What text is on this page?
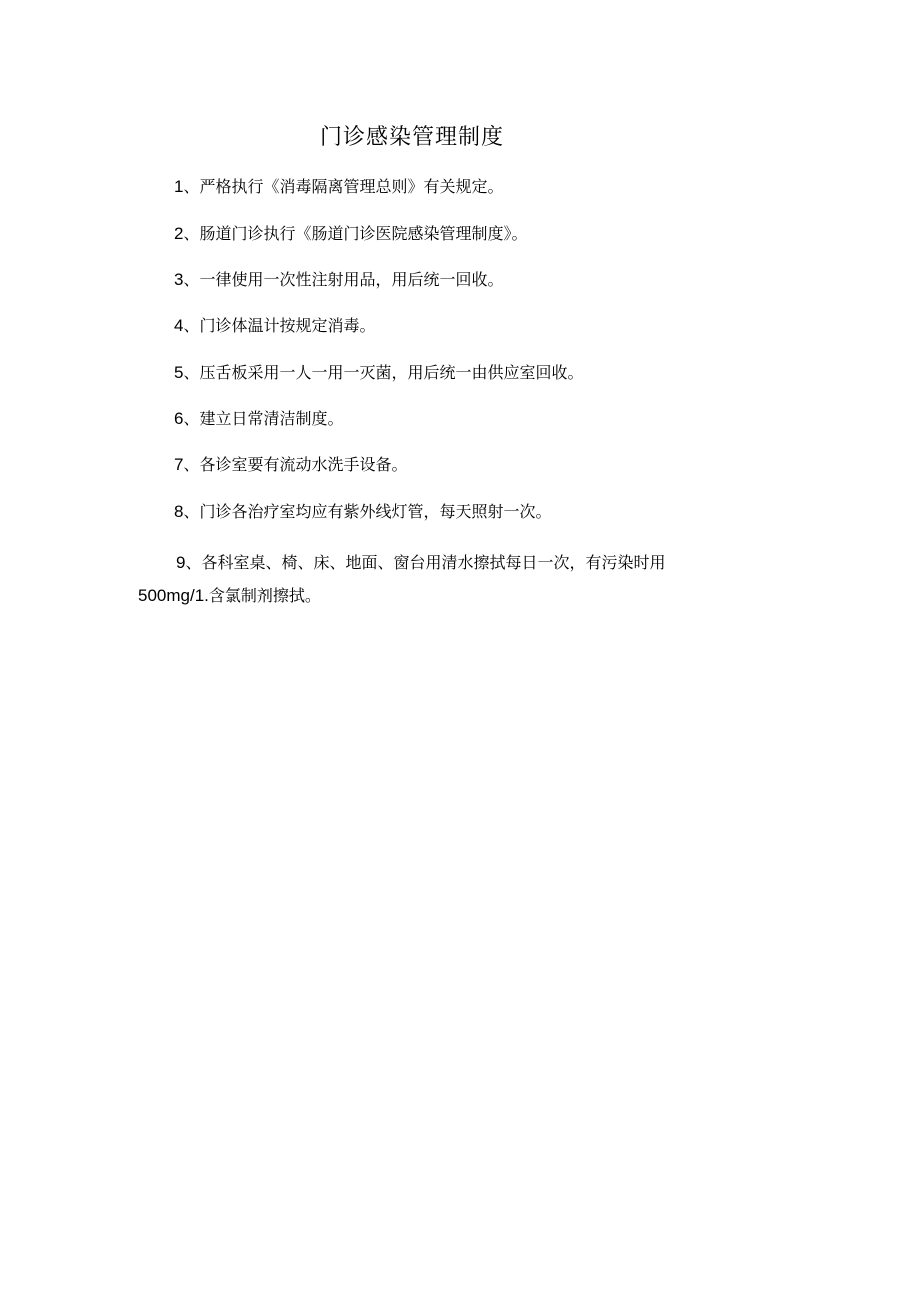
门诊感染管理制度
1、严格执行《消毒隔离管理总则》有关规定。
2、肠道门诊执行《肠道门诊医院感染管理制度》。
3、一律使用一次性注射用品，用后统一回收。
4、门诊体温计按规定消毒。
5、压舌板采用一人一用一灭菌，用后统一由供应室回收。
6、建立日常清洁制度。
7、各诊室要有流动水洗手设备。
8、门诊各治疗室均应有紫外线灯管，每天照射一次。
9、各科室桌、椅、床、地面、窗台用清水擦拭每日一次，有污染时用
500mg/1.含氯制剂擦拭。
